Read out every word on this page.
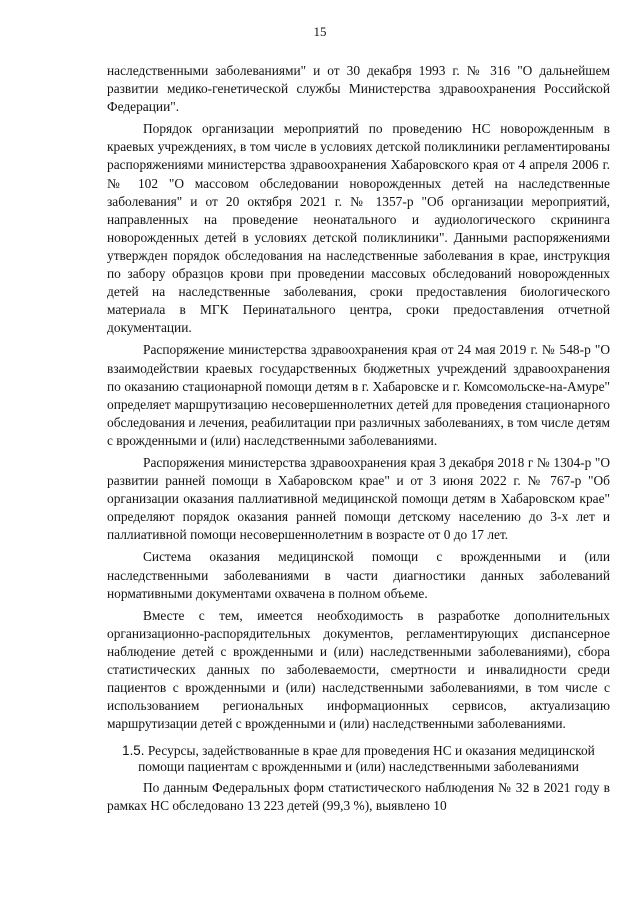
15

наследственными заболеваниями" и от 30 декабря 1993 г. № 316 "О дальнейшем развитии медико-генетической службы Министерства здравоохранения Российской Федерации".

Порядок организации мероприятий по проведению НС новорожденным в краевых учреждениях, в том числе в условиях детской поликлиники регламентированы распоряжениями министерства здравоохранения Хабаровского края от 4 апреля 2006 г. № 102 "О массовом обследовании новорожденных детей на наследственные заболевания" и от 20 октября 2021 г. № 1357-р "Об организации мероприятий, направленных на проведение неонатального и аудиологического скрининга новорожденных детей в условиях детской поликлиники". Данными распоряжениями утвержден порядок обследования на наследственные заболевания в крае, инструкция по забору образцов крови при проведении массовых обследований новорожденных детей на наследственные заболевания, сроки предоставления биологического материала в МГК Перинатального центра, сроки предоставления отчетной документации.

Распоряжение министерства здравоохранения края от 24 мая 2019 г. № 548-р "О взаимодействии краевых государственных бюджетных учреждений здравоохранения по оказанию стационарной помощи детям в г. Хабаровске и г. Комсомольске-на-Амуре" определяет маршрутизацию несовершеннолетних детей для проведения стационарного обследования и лечения, реабилитации при различных заболеваниях, в том числе детям с врожденными и (или) наследственными заболеваниями.

Распоряжения министерства здравоохранения края 3 декабря 2018 г № 1304-р "О развитии ранней помощи в Хабаровском крае" и от 3 июня 2022 г. № 767-р "Об организации оказания паллиативной медицинской помощи детям в Хабаровском крае" определяют порядок оказания ранней помощи детскому населению до 3-х лет и паллиативной помощи несовершеннолетним в возрасте от 0 до 17 лет.

Система оказания медицинской помощи с врожденными и (или наследственными заболеваниями в части диагностики данных заболеваний нормативными документами охвачена в полном объеме.

Вместе с тем, имеется необходимость в разработке дополнительных организационно-распорядительных документов, регламентирующих диспансерное наблюдение детей с врожденными и (или) наследственными заболеваниями), сбора статистических данных по заболеваемости, смертности и инвалидности среди пациентов с врожденными и (или) наследственными заболеваниями, в том числе с использованием региональных информационных сервисов, актуализацию маршрутизации детей с врожденными и (или) наследственными заболеваниями.

1.5. Ресурсы, задействованные в крае для проведения НС и оказания медицинской помощи пациентам с врожденными и (или) наследственными заболеваниями

По данным Федеральных форм статистического наблюдения № 32 в 2021 году в рамках НС обследовано 13 223 детей (99,3 %), выявлено 10
